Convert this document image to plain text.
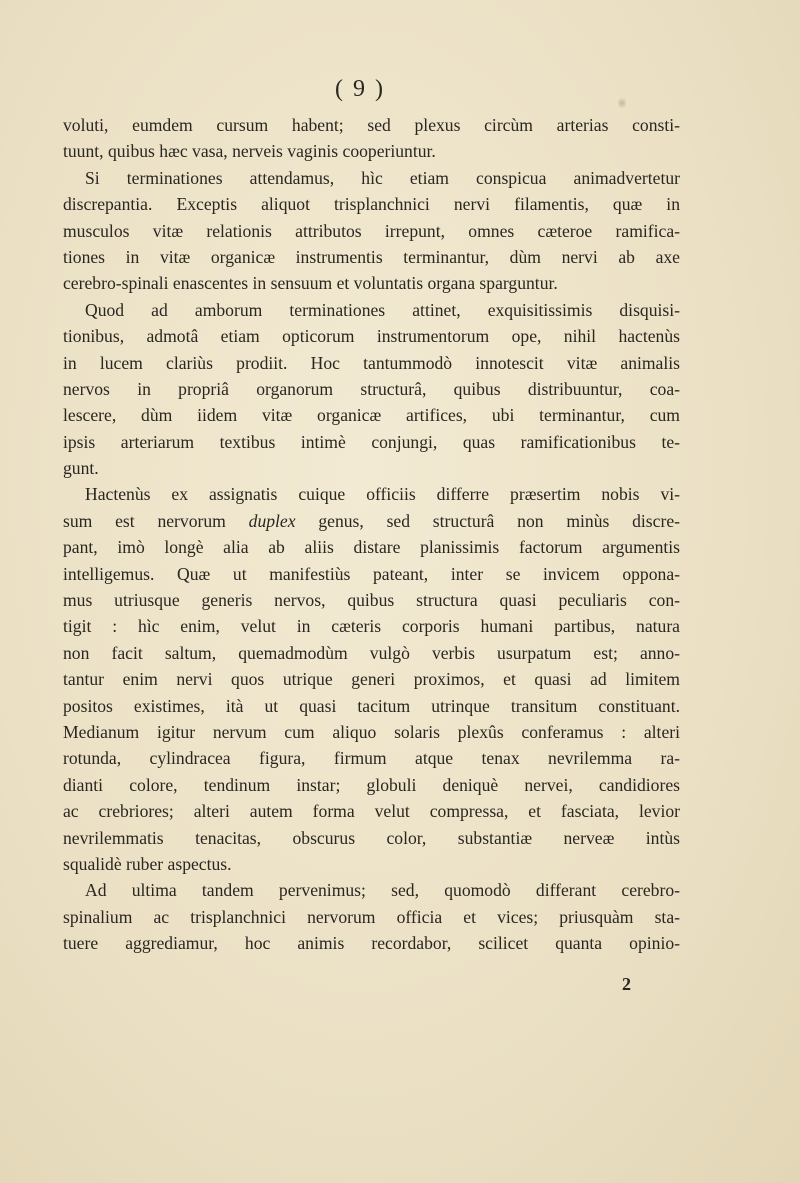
( 9 )
voluti, eumdem cursum habent; sed plexus circùm arterias consti-
tuunt, quibus hæc vasa, nerveis vaginis cooperiuntur.
Si terminationes attendamus, hìc etiam conspicua animadvertetur
discrepantia. Exceptis aliquot trisplanchnici nervi filamentis, quæ in
musculos vitæ relationis attributos irrepunt, omnes cæteroe ramifica-
tiones in vitæ organicæ instrumentis terminantur, dùm nervi ab axe
cerebro-spinali enascentes in sensuum et voluntatis organa sparguntur.
Quod ad amborum terminationes attinet, exquisitissimis disquisi-
tionibus, admotâ etiam opticorum instrumentorum ope, nihil hactenùs
in lucem clariùs prodiit. Hoc tantummodò innotescit vitæ animalis
nervos in propriâ organorum structurâ, quibus distribuuntur, coa-
lescere, dùm iidem vitæ organicæ artifices, ubi terminantur, cum
ipsis arteriarum textibus intimè conjungi, quas ramificationibus te-
gunt.
Hactenùs ex assignatis cuique officiis differre præsertim nobis vi-
sum est nervorum duplex genus, sed structurâ non minùs discre-
pant, imò longè alia ab aliis distare planissimis factorum argumentis
intelligemus. Quæ ut manifestiùs pateant, inter se invicem opponа-
mus utriusque generis nervos, quibus structura quasi peculiaris con-
tigit : hìc enim, velut in cæteris corporis humani partibus, natura
non facit saltum, quemadmodùm vulgò verbis usurpatum est; anno-
tantur enim nervi quos utrique generi proximos, et quasi ad limitem
positos existimes, ità ut quasi tacitum utrinque transitum constituant.
Medianum igitur nervum cum aliquo solaris plexûs conferamus : alteri
rotunda, cylindracea figura, firmum atque tenax nevrilemma ra-
dianti colore, tendinum instar; globuli deniquè nervei, candidiores
ac crebriores; alteri autem forma velut compressa, et fasciata, levior
nevrilemmatis tenacitas, obscurus color, substantiæ nerveæ intùs
squalidè ruber aspectus.
Ad ultima tandem pervenimus; sed, quomodò differant cerebro-
spinalium ac trisplanchnici nervorum officia et vices; priusquàm sta-
tuere aggrediamur, hoc animis recordabor, scilicet quanta opinio-
2
